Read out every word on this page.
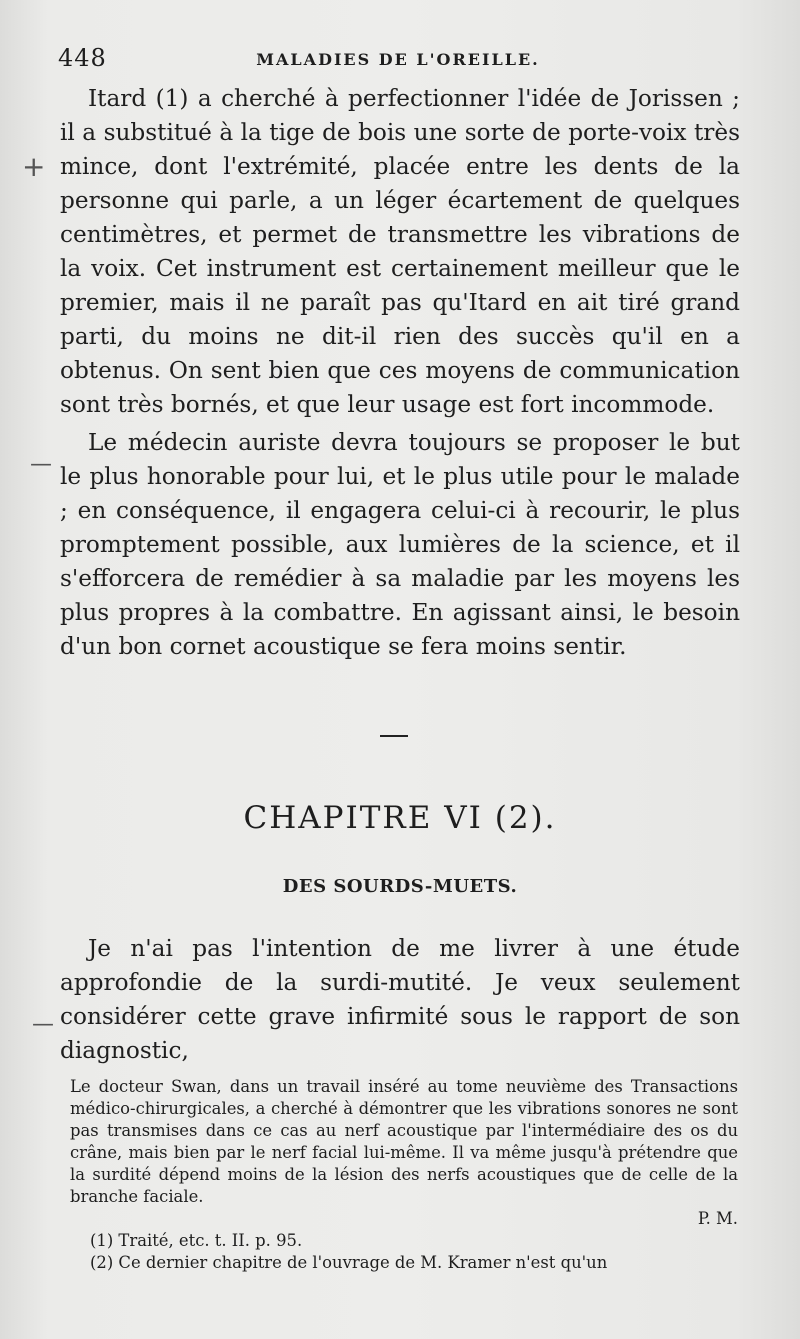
448	MALADIES DE L'OREILLE.
+
—
—

Itard (1) a cherché à perfectionner l'idée de Jorissen ; il a substitué à la tige de bois une sorte de porte-voix très mince, dont l'extrémité, placée entre les dents de la personne qui parle, a un léger écartement de quelques centimètres, et permet de transmettre les vibrations de la voix. Cet instrument est certainement meilleur que le premier, mais il ne paraît pas qu'Itard en ait tiré grand parti, du moins ne dit-il rien des succès qu'il en a obtenus. On sent bien que ces moyens de communication sont très bornés, et que leur usage est fort incommode.

Le médecin auriste devra toujours se proposer le but le plus honorable pour lui, et le plus utile pour le malade ; en conséquence, il engagera celui-ci à recourir, le plus promptement possible, aux lumières de la science, et il s'efforcera de remédier à sa maladie par les moyens les plus propres à la combattre. En agissant ainsi, le besoin d'un bon cornet acoustique se fera moins sentir.

CHAPITRE VI (2).
DES SOURDS-MUETS.

Je n'ai pas l'intention de me livrer à une étude approfondie de la surdi-mutité. Je veux seulement considérer cette grave infirmité sous le rapport de son diagnostic,

Le docteur Swan, dans un travail inséré au tome neuvième des Transactions médico-chirurgicales, a cherché à démontrer que les vibrations sonores ne sont pas transmises dans ce cas au nerf acoustique par l'intermédiaire des os du crâne, mais bien par le nerf facial lui-même. Il va même jusqu'à prétendre que la surdité dépend moins de la lésion des nerfs acoustiques que de celle de la branche faciale.
P. M.

(1) Traité, etc. t. II. p. 95.

(2) Ce dernier chapitre de l'ouvrage de M. Kramer n'est qu'un
